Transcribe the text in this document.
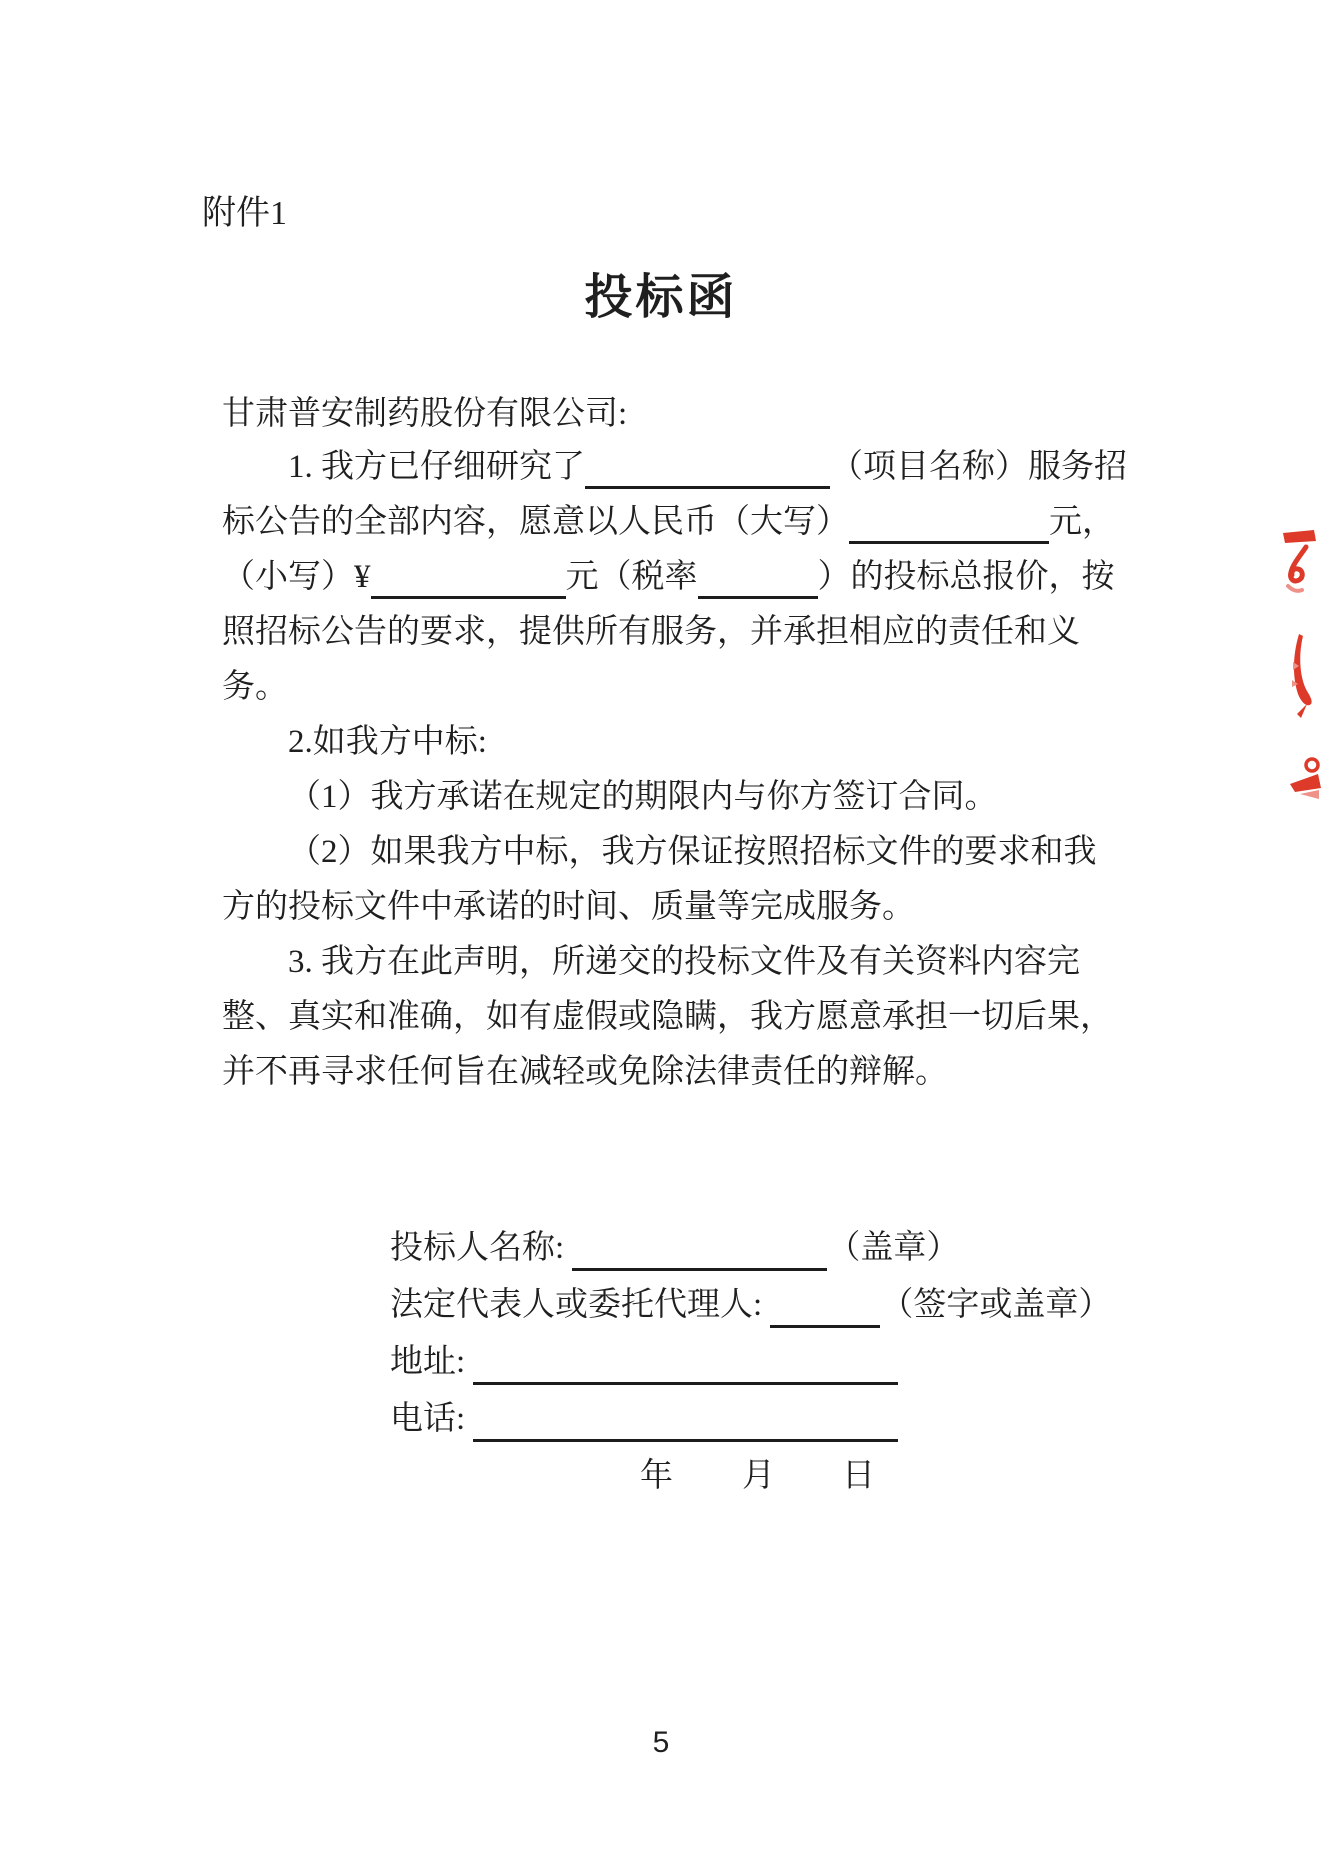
附件1
投标函
甘肃普安制药股份有限公司:
1. 我方已仔细研究了	（项目名称）服务招
标公告的全部内容，愿意以人民币（大写）	元，
（小写）¥	元（税率	）的投标总报价，按
照招标公告的要求，提供所有服务，并承担相应的责任和义
务。
2.如我方中标:
（1）我方承诺在规定的期限内与你方签订合同。
（2）如果我方中标，我方保证按照招标文件的要求和我
方的投标文件中承诺的时间、质量等完成服务。
3. 我方在此声明，所递交的投标文件及有关资料内容完
整、真实和准确，如有虚假或隐瞒，我方愿意承担一切后果，
并不再寻求任何旨在减轻或免除法律责任的辩解。
投标人名称:	（盖章）
法定代表人或委托代理人:	（签字或盖章）
地址:
电话:
年 月 日
5
